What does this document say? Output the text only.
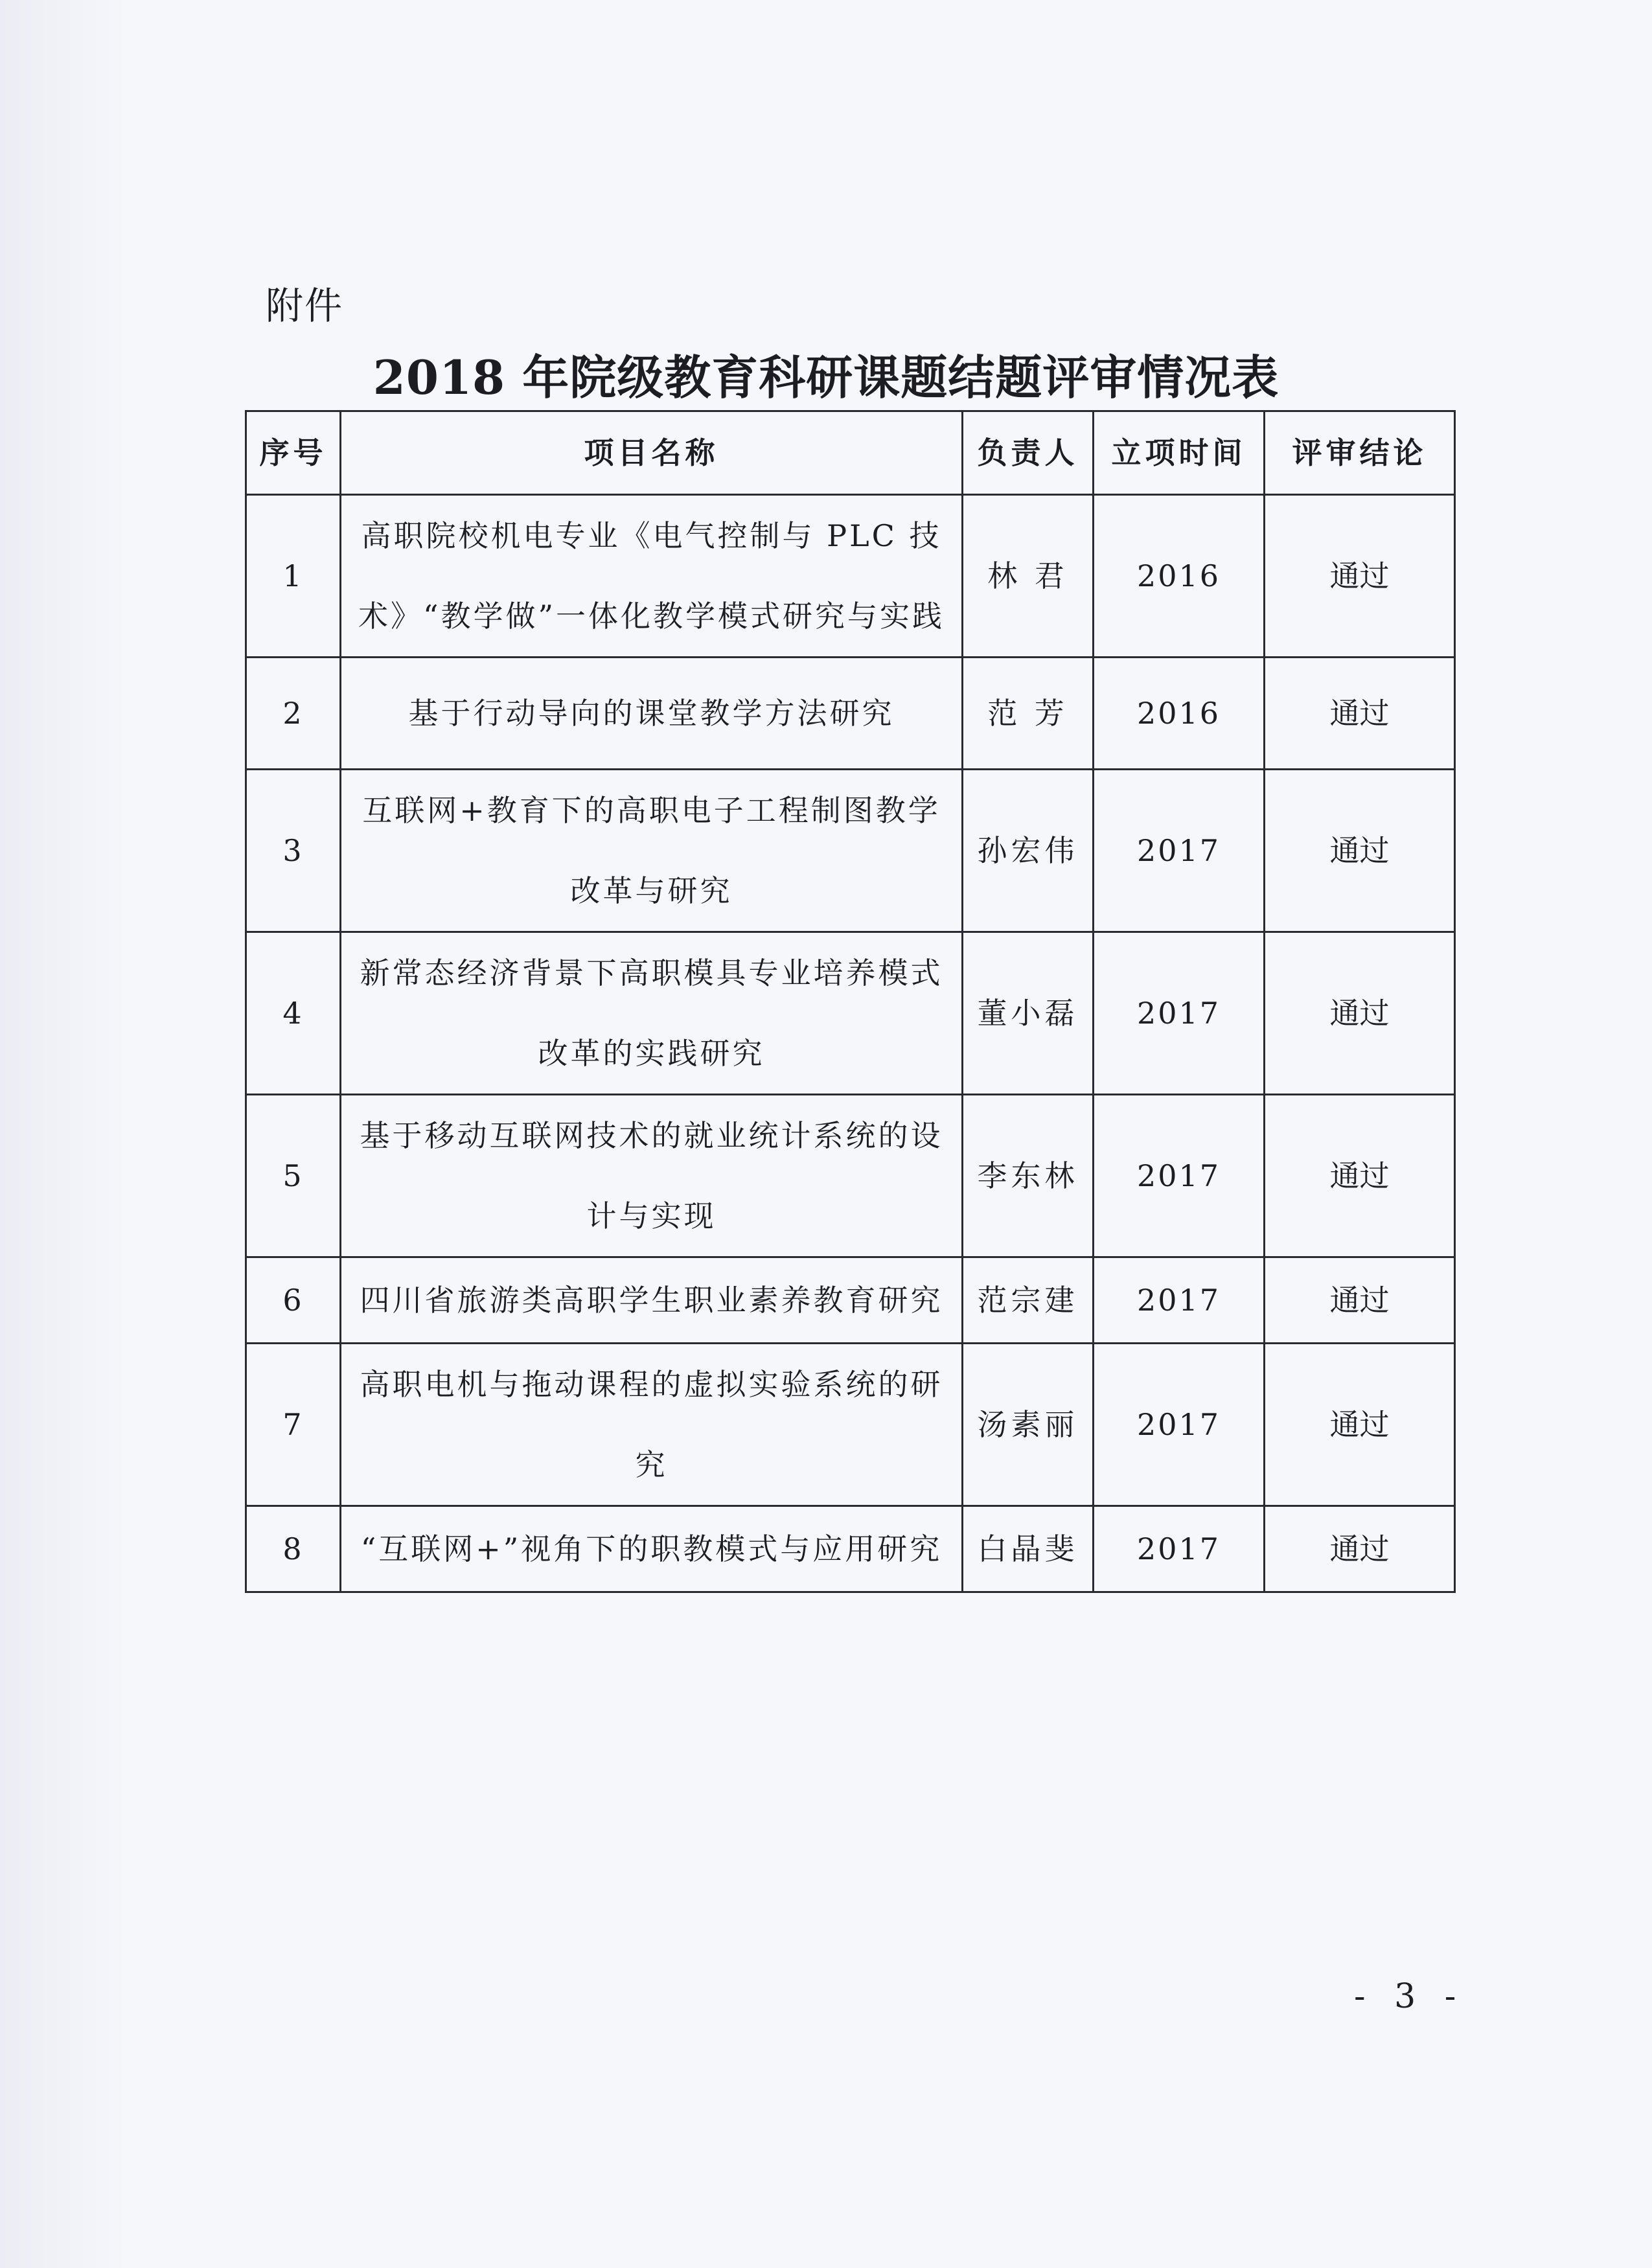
附件
2018 年院级教育科研课题结题评审情况表
序号	项目名称	负责人	立项时间	评审结论
1	高职院校机电专业《电气控制与 PLC 技术》“教学做”一体化教学模式研究与实践	林 君	2016	通过
2	基于行动导向的课堂教学方法研究	范 芳	2016	通过
3	互联网+教育下的高职电子工程制图教学改革与研究	孙宏伟	2017	通过
4	新常态经济背景下高职模具专业培养模式改革的实践研究	董小磊	2017	通过
5	基于移动互联网技术的就业统计系统的设计与实现	李东林	2017	通过
6	四川省旅游类高职学生职业素养教育研究	范宗建	2017	通过
7	高职电机与拖动课程的虚拟实验系统的研究	汤素丽	2017	通过
8	“互联网+”视角下的职教模式与应用研究	白晶斐	2017	通过
- 3 -
